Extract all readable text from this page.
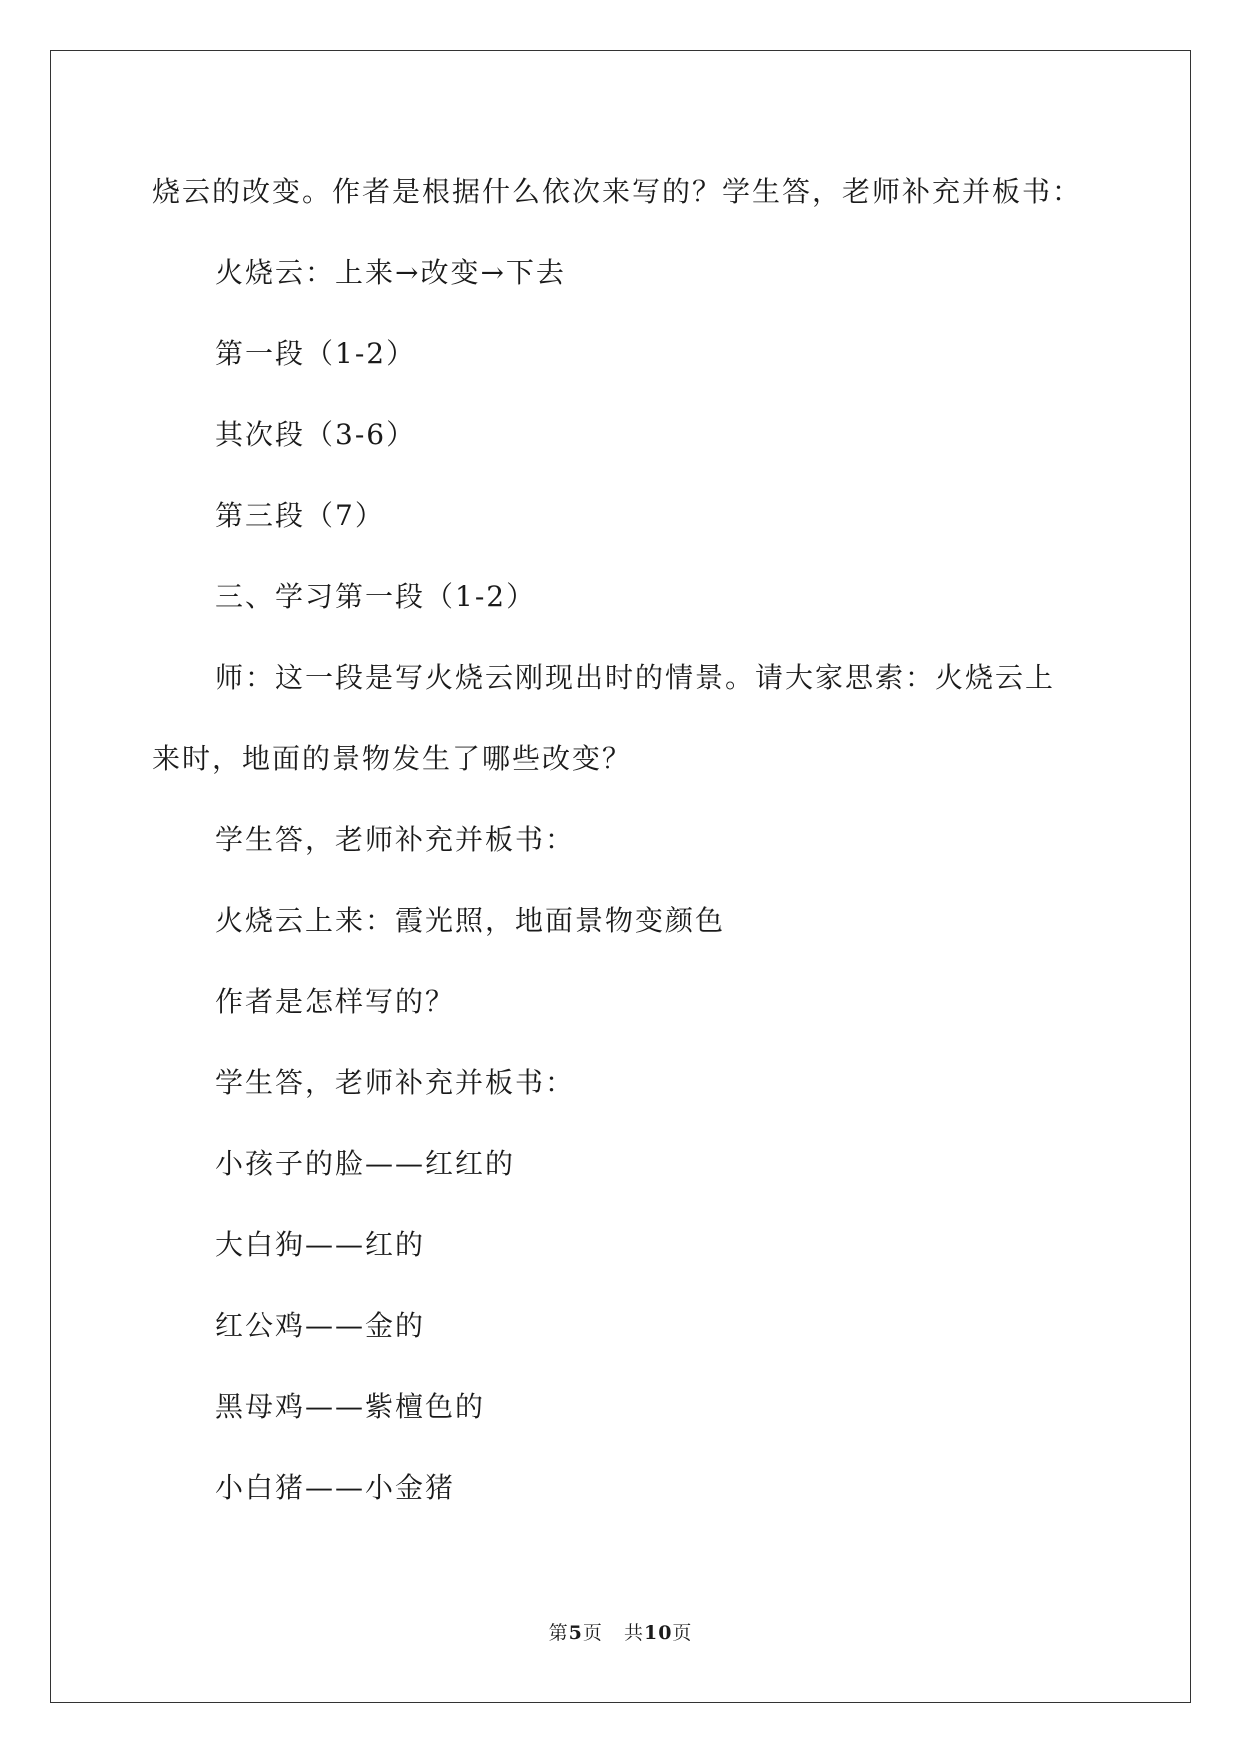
烧云的改变。作者是根据什么依次来写的？学生答，老师补充并板书：
火烧云：上来→改变→下去
第一段（1-2）
其次段（3-6）
第三段（7）
三、学习第一段（1-2）
师：这一段是写火烧云刚现出时的情景。请大家思索：火烧云上
来时，地面的景物发生了哪些改变？
学生答，老师补充并板书：
火烧云上来：霞光照，地面景物变颜色
作者是怎样写的？
学生答，老师补充并板书：
小孩子的脸——红红的
大白狗——红的
红公鸡——金的
黑母鸡——紫檀色的
小白猪——小金猪
第5页 共10页
